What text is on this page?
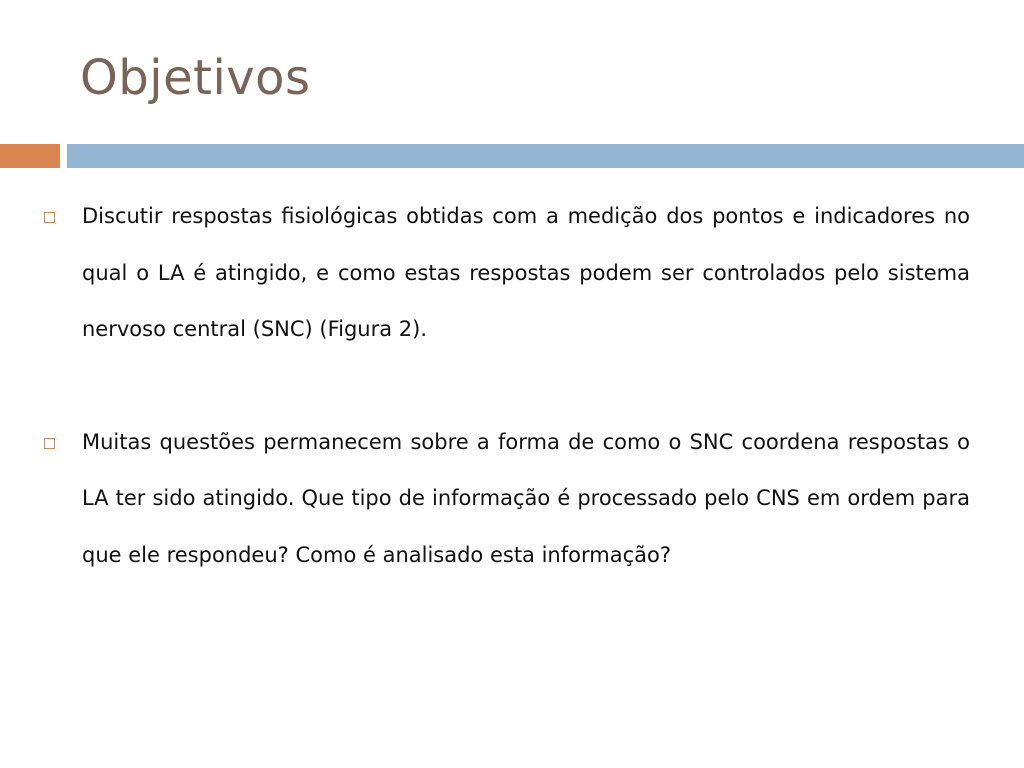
Objetivos

Discutir respostas fisiológicas obtidas com a medição dos pontos e indicadores no qual o LA é atingido, e como estas respostas podem ser controlados pelo sistema nervoso central (SNC) (Figura 2).

Muitas questões permanecem sobre a forma de como o SNC coordena respostas o LA ter sido atingido. Que tipo de informação é processado pelo CNS em ordem para que ele respondeu? Como é analisado esta informação?
